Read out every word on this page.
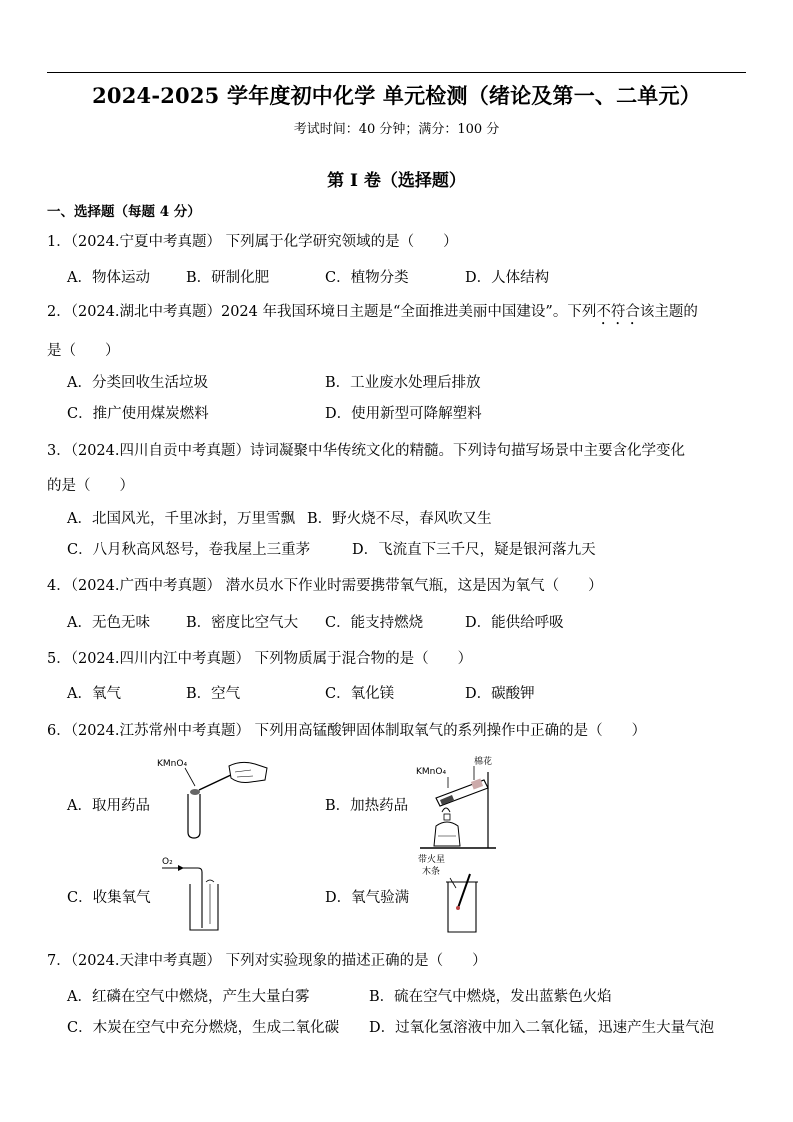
2024-2025 学年度初中化学 单元检测（绪论及第一、二单元）
考试时间：40 分钟；满分：100 分
第 I 卷（选择题）
一、选择题（每题 4 分）
1．（2024.宁夏中考真题） 下列属于化学研究领域的是（　　）
A．物体运动 B．研制化肥	C．植物分类	D．人体结构
2．（2024.湖北中考真题）2024 年我国环境日主题是“全面推进美丽中国建设”。下列不符合该主题的
是（　　）
A．分类回收生活垃圾	B．工业废水处理后排放
C．推广使用煤炭燃料	D．使用新型可降解塑料
3．（2024.四川自贡中考真题）诗词凝聚中华传统文化的精髓。下列诗句描写场景中主要含化学变化
的是（　　）
A．北国风光，千里冰封，万里雪飘 B．野火烧不尽，春风吹又生
C．八月秋高风怒号，卷我屋上三重茅	D．飞流直下三千尺，疑是银河落九天
4．（2024.广西中考真题） 潜水员水下作业时需要携带氧气瓶，这是因为氧气（　　）
A．无色无味 B．密度比空气大 C．能支持燃烧	D．能供给呼吸
5．（2024.四川内江中考真题） 下列物质属于混合物的是（　　）
A．氧气	B．空气	C．氧化镁	D．碳酸钾
6．（2024.江苏常州中考真题） 下列用高锰酸钾固体制取氧气的系列操作中正确的是（　　）
A．取用药品	B．加热药品
C．收集氧气	D．氧气验满
KMnO₄
KMnO₄
棉花
O₂	带火星
木条
7．（2024.天津中考真题） 下列对实验现象的描述正确的是（　　）
A．红磷在空气中燃烧，产生大量白雾	B．硫在空气中燃烧，发出蓝紫色火焰
C．木炭在空气中充分燃烧，生成二氧化碳 D．过氧化氢溶液中加入二氧化锰，迅速产生大量气泡
